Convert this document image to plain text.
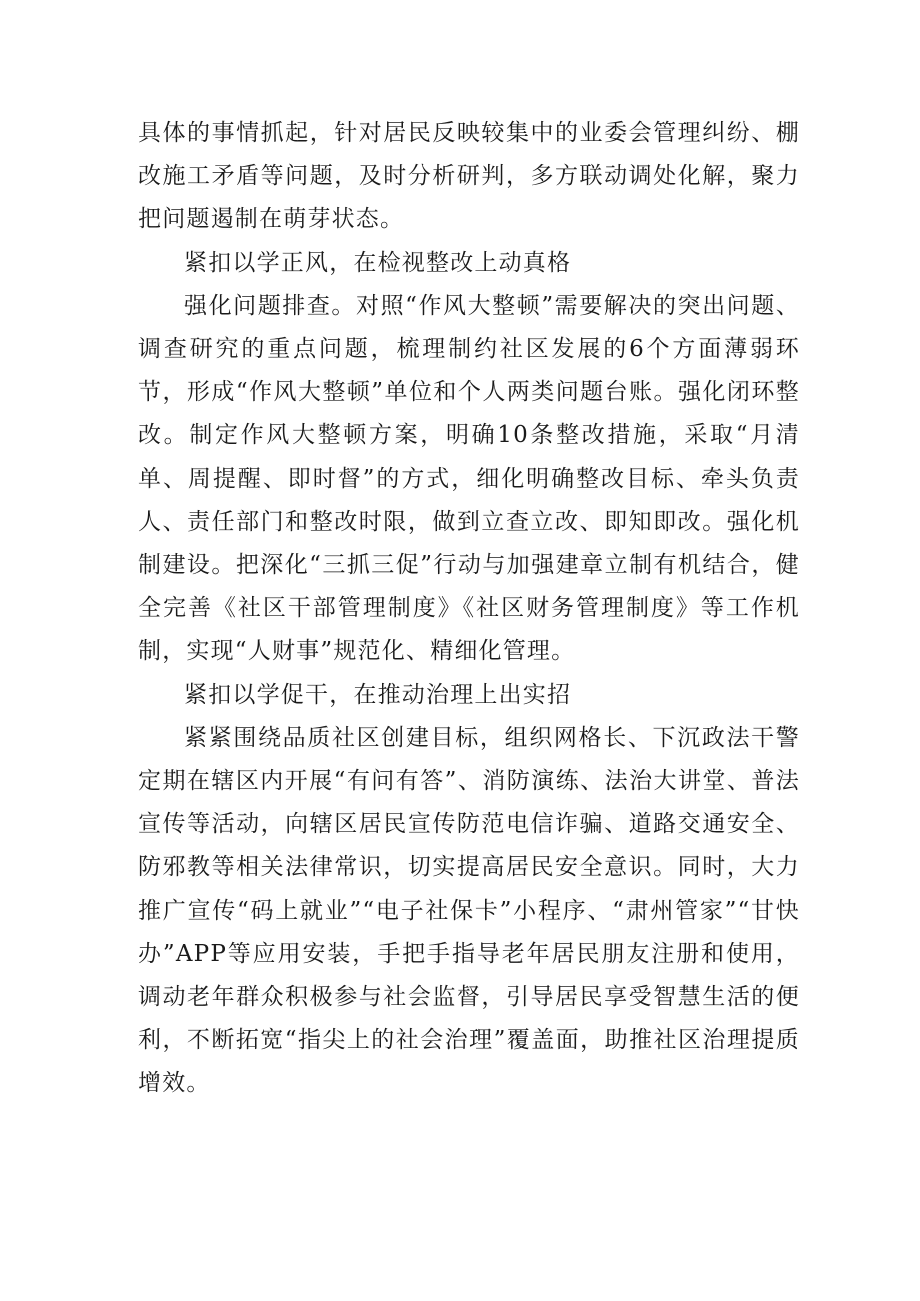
具体的事情抓起，针对居民反映较集中的业委会管理纠纷、棚改施工矛盾等问题，及时分析研判，多方联动调处化解，聚力把问题遏制在萌芽状态。

紧扣以学正风，在检视整改上动真格

强化问题排查。对照“作风大整顿”需要解决的突出问题、调查研究的重点问题，梳理制约社区发展的6个方面薄弱环节，形成“作风大整顿”单位和个人两类问题台账。强化闭环整改。制定作风大整顿方案，明确10条整改措施，采取“月清单、周提醒、即时督”的方式，细化明确整改目标、牵头负责人、责任部门和整改时限，做到立查立改、即知即改。强化机制建设。把深化“三抓三促”行动与加强建章立制有机结合，健全完善《社区干部管理制度》《社区财务管理制度》等工作机制，实现“人财事”规范化、精细化管理。

紧扣以学促干，在推动治理上出实招

紧紧围绕品质社区创建目标，组织网格长、下沉政法干警定期在辖区内开展“有问有答”、消防演练、法治大讲堂、普法宣传等活动，向辖区居民宣传防范电信诈骗、道路交通安全、防邪教等相关法律常识，切实提高居民安全意识。同时，大力推广宣传“码上就业”“电子社保卡”小程序、“肃州管家”“甘快办”APP等应用安装，手把手指导老年居民朋友注册和使用，调动老年群众积极参与社会监督，引导居民享受智慧生活的便利，不断拓宽“指尖上的社会治理”覆盖面，助推社区治理提质增效。
